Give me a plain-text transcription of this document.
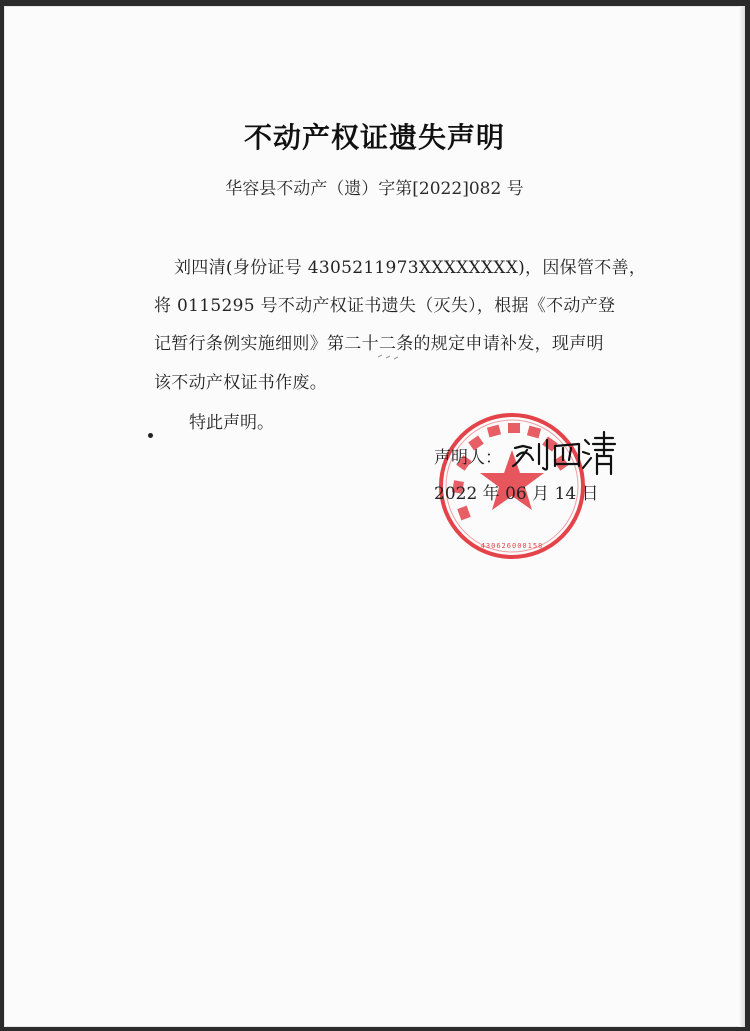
不动产权证遗失声明
华容县不动产（遗）字第[2022]082 号
刘四清(身份证号 4305211973XXXXXXXX)，因保管不善，
将 0115295 号不动产权证书遗失（灭失），根据《不动产登
记暂行条例实施细则》第二十二条的规定申请补发，现声明
该不动产权证书作废。
特此声明。
430626000158
声明人：
2022 年 06 月 14 日
